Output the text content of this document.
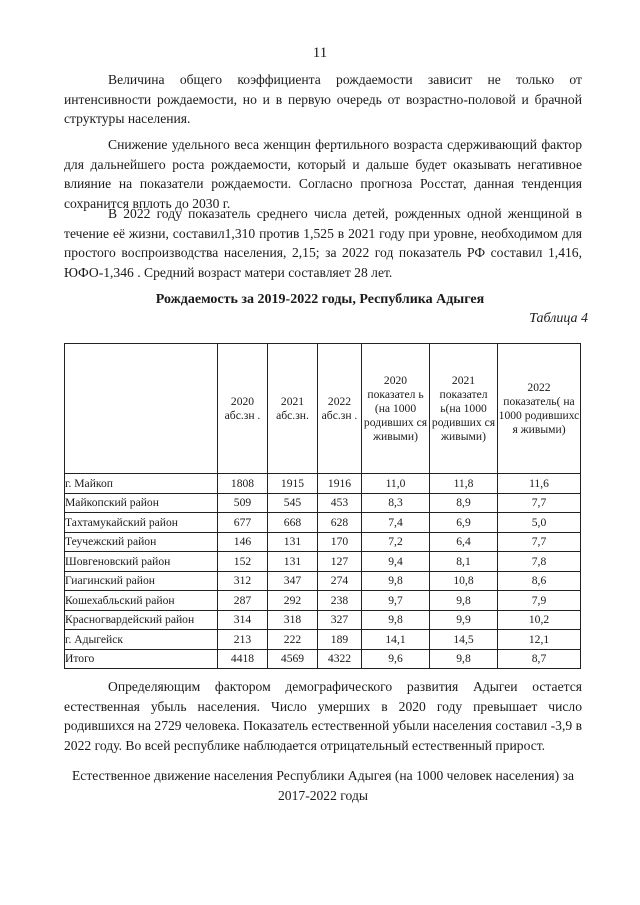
11

Величина общего коэффициента рождаемости зависит не только от интенсивности рождаемости, но и в первую очередь от возрастно-половой и брачной структуры населения.

Снижение удельного веса женщин фертильного возраста сдерживающий фактор для дальнейшего роста рождаемости, который и дальше будет оказывать негативное влияние на показатели рождаемости. Согласно прогноза Росстат, данная тенденция сохранится вплоть до 2030 г.

В 2022 году показатель среднего числа детей, рожденных одной женщиной в течение её жизни, составил1,310 против 1,525 в 2021 году при уровне, необходимом для простого воспроизводства населения, 2,15; за 2022 год показатель РФ составил 1,416, ЮФО-1,346 . Средний возраст матери составляет 28 лет.

Рождаемость за 2019-2022 годы, Республика Адыгея
Таблица 4
	2020 абс.зн .	2021 абс.зн.	2022 абс.зн .	2020 показател ь (на 1000 родивших ся живыми)	2021 показател ь(на 1000 родивших ся живыми)	2022 показатель( на 1000 родившихс я живыми)
г. Майкоп	1808	1915	1916	11,0	11,8	11,6
Майкопский район	509	545	453	8,3	8,9	7,7
Тахтамукайский район	677	668	628	7,4	6,9	5,0
Теучежский район	146	131	170	7,2	6,4	7,7
Шовгеновский район	152	131	127	9,4	8,1	7,8
Гиагинский район	312	347	274	9,8	10,8	8,6
Кошехабльский район	287	292	238	9,7	9,8	7,9
Красногвардейский район	314	318	327	9,8	9,9	10,2
г. Адыгейск	213	222	189	14,1	14,5	12,1
Итого	4418	4569	4322	9,6	9,8	8,7

Определяющим фактором демографического развития Адыгеи остается естественная убыль населения. Число умерших в 2020 году превышает число родившихся на 2729 человека. Показатель естественной убыли населения составил -3,9 в 2022 году. Во всей республике наблюдается отрицательный естественный прирост.

Естественное движение населения Республики Адыгея (на 1000 человек населения) за 2017-2022 годы
